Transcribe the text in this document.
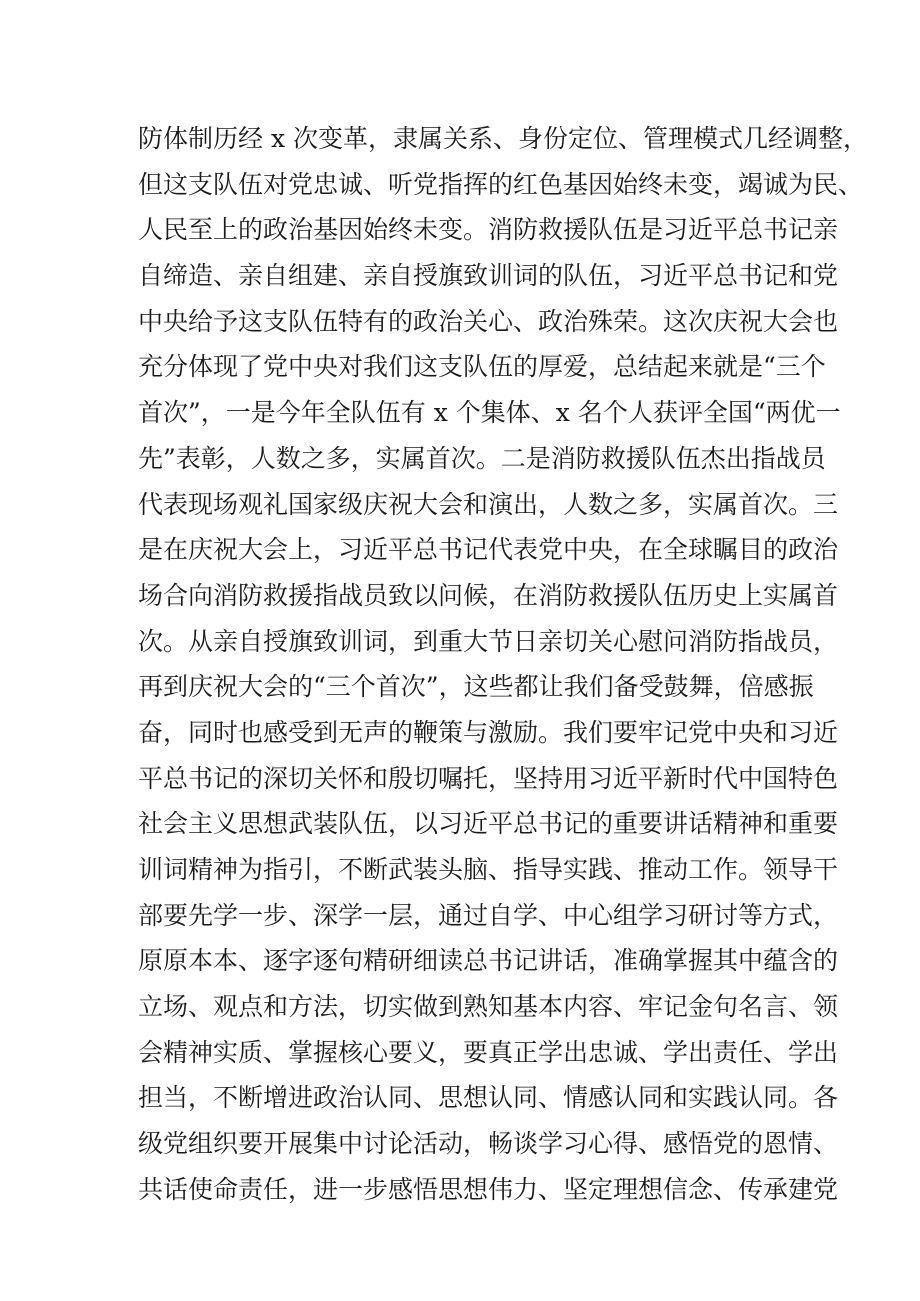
防体制历经 x 次变革，隶属关系、身份定位、管理模式几经调整，
但这支队伍对党忠诚、听党指挥的红色基因始终未变，竭诚为民、
人民至上的政治基因始终未变。消防救援队伍是习近平总书记亲
自缔造、亲自组建、亲自授旗致训词的队伍，习近平总书记和党
中央给予这支队伍特有的政治关心、政治殊荣。这次庆祝大会也
充分体现了党中央对我们这支队伍的厚爱，总结起来就是“三个
首次”，一是今年全队伍有 x 个集体、x 名个人获评全国“两优一
先”表彰，人数之多，实属首次。二是消防救援队伍杰出指战员
代表现场观礼国家级庆祝大会和演出，人数之多，实属首次。三
是在庆祝大会上，习近平总书记代表党中央，在全球瞩目的政治
场合向消防救援指战员致以问候，在消防救援队伍历史上实属首
次。从亲自授旗致训词，到重大节日亲切关心慰问消防指战员，
再到庆祝大会的“三个首次”，这些都让我们备受鼓舞，倍感振
奋，同时也感受到无声的鞭策与激励。我们要牢记党中央和习近
平总书记的深切关怀和殷切嘱托，坚持用习近平新时代中国特色
社会主义思想武装队伍，以习近平总书记的重要讲话精神和重要
训词精神为指引，不断武装头脑、指导实践、推动工作。领导干
部要先学一步、深学一层，通过自学、中心组学习研讨等方式，
原原本本、逐字逐句精研细读总书记讲话，准确掌握其中蕴含的
立场、观点和方法，切实做到熟知基本内容、牢记金句名言、领
会精神实质、掌握核心要义，要真正学出忠诚、学出责任、学出
担当，不断增进政治认同、思想认同、情感认同和实践认同。各
级党组织要开展集中讨论活动，畅谈学习心得、感悟党的恩情、
共话使命责任，进一步感悟思想伟力、坚定理想信念、传承建党
